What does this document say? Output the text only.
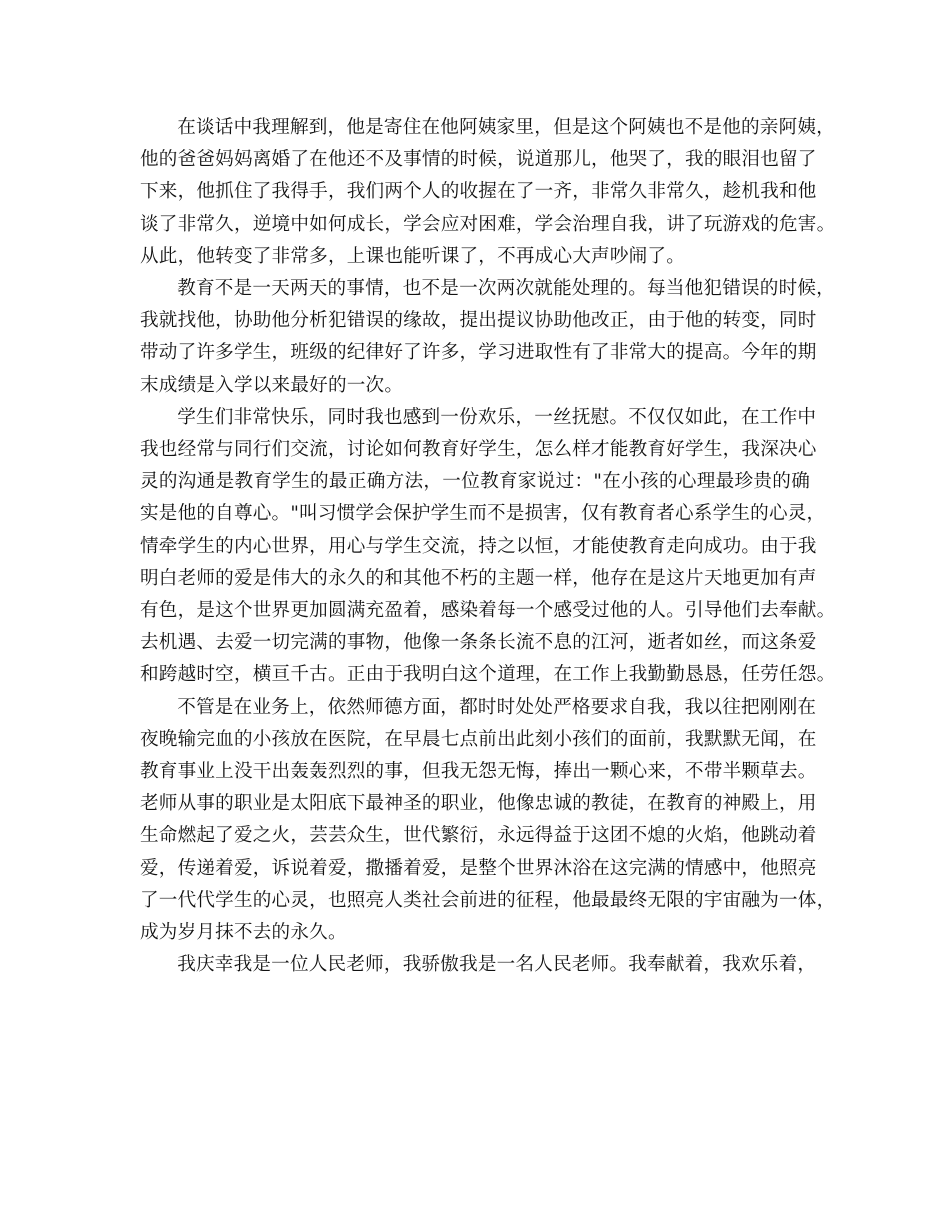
在谈话中我理解到，他是寄住在他阿姨家里，但是这个阿姨也不是他的亲阿姨，
他的爸爸妈妈离婚了在他还不及事情的时候，说道那儿，他哭了，我的眼泪也留了
下来，他抓住了我得手，我们两个人的收握在了一齐，非常久非常久，趁机我和他
谈了非常久，逆境中如何成长，学会应对困难，学会治理自我，讲了玩游戏的危害。
从此，他转变了非常多，上课也能听课了，不再成心大声吵闹了。

教育不是一天两天的事情，也不是一次两次就能处理的。每当他犯错误的时候，
我就找他，协助他分析犯错误的缘故，提出提议协助他改正，由于他的转变，同时
带动了许多学生，班级的纪律好了许多，学习进取性有了非常大的提高。今年的期
末成绩是入学以来最好的一次。

学生们非常快乐，同时我也感到一份欢乐，一丝抚慰。不仅仅如此，在工作中
我也经常与同行们交流，讨论如何教育好学生，怎么样才能教育好学生，我深决心
灵的沟通是教育学生的最正确方法，一位教育家说过："在小孩的心理最珍贵的确
实是他的自尊心。"叫习惯学会保护学生而不是损害，仅有教育者心系学生的心灵，
情牵学生的内心世界，用心与学生交流，持之以恒，才能使教育走向成功。由于我
明白老师的爱是伟大的永久的和其他不朽的主题一样，他存在是这片天地更加有声
有色，是这个世界更加圆满充盈着，感染着每一个感受过他的人。引导他们去奉献。
去机遇、去爱一切完满的事物，他像一条条长流不息的江河，逝者如丝，而这条爱
和跨越时空，横亘千古。正由于我明白这个道理，在工作上我勤勤恳恳，任劳任怨。

不管是在业务上，依然师德方面，都时时处处严格要求自我，我以往把刚刚在
夜晚输完血的小孩放在医院，在早晨七点前出此刻小孩们的面前，我默默无闻，在
教育事业上没干出轰轰烈烈的事，但我无怨无悔，捧出一颗心来，不带半颗草去。
老师从事的职业是太阳底下最神圣的职业，他像忠诚的教徒，在教育的神殿上，用
生命燃起了爱之火，芸芸众生，世代繁衍，永远得益于这团不熄的火焰，他跳动着
爱，传递着爱，诉说着爱，撒播着爱，是整个世界沐浴在这完满的情感中，他照亮
了一代代学生的心灵，也照亮人类社会前进的征程，他最最终无限的宇宙融为一体，
成为岁月抹不去的永久。

我庆幸我是一位人民老师，我骄傲我是一名人民老师。我奉献着，我欢乐着，
